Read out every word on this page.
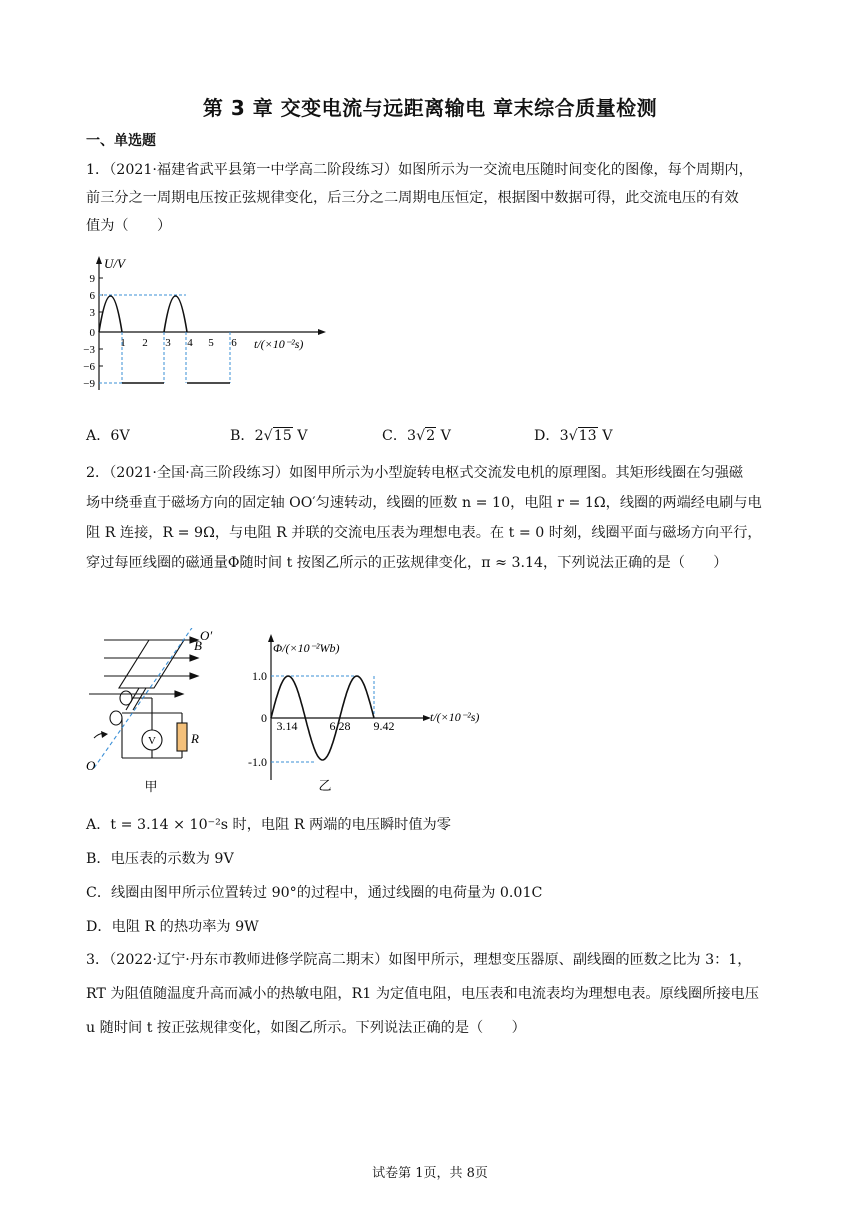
第 3 章 交变电流与远距离输电 章末综合质量检测
一、单选题
1．（2021·福建省武平县第一中学高二阶段练习）如图所示为一交流电压随时间变化的图像，每个周期内，
前三分之一周期电压按正弦规律变化，后三分之二周期电压恒定，根据图中数据可得，此交流电压的有效
值为（　　）
U/V
t/(×10⁻²s)
9
6
3
0
−3
−6
−9
1 2 3 4 5 6
A．6V	B．2√15 V	C．3√2 V	D．3√13 V
2．（2021·全国·高三阶段练习）如图甲所示为小型旋转电枢式交流发电机的原理图。其矩形线圈在匀强磁
场中绕垂直于磁场方向的固定轴 OO′匀速转动，线圈的匝数 n = 10，电阻 r = 1Ω，线圈的两端经电刷与电
阻 R 连接，R = 9Ω，与电阻 R 并联的交流电压表为理想电表。在 t = 0 时刻，线圈平面与磁场方向平行，
穿过每匝线圈的磁通量Φ随时间 t 按图乙所示的正弦规律变化，π ≈ 3.14，下列说法正确的是（　　）
O′
O
B
V	R
甲
Φ/(×10⁻²Wb)
t/(×10⁻²s)
1.0
0
-1.0
3.14	6.28 9.42
乙
A．t = 3.14 × 10⁻²s 时，电阻 R 两端的电压瞬时值为零
B．电压表的示数为 9V
C．线圈由图甲所示位置转过 90°的过程中，通过线圈的电荷量为 0.01C
D．电阻 R 的热功率为 9W
3．（2022·辽宁·丹东市教师进修学院高二期末）如图甲所示，理想变压器原、副线圈的匝数之比为 3：1，
RT 为阻值随温度升高而减小的热敏电阻，R1 为定值电阻，电压表和电流表均为理想电表。原线圈所接电压
u 随时间 t 按正弦规律变化，如图乙所示。下列说法正确的是（　　）
试卷第 1页，共 8页
